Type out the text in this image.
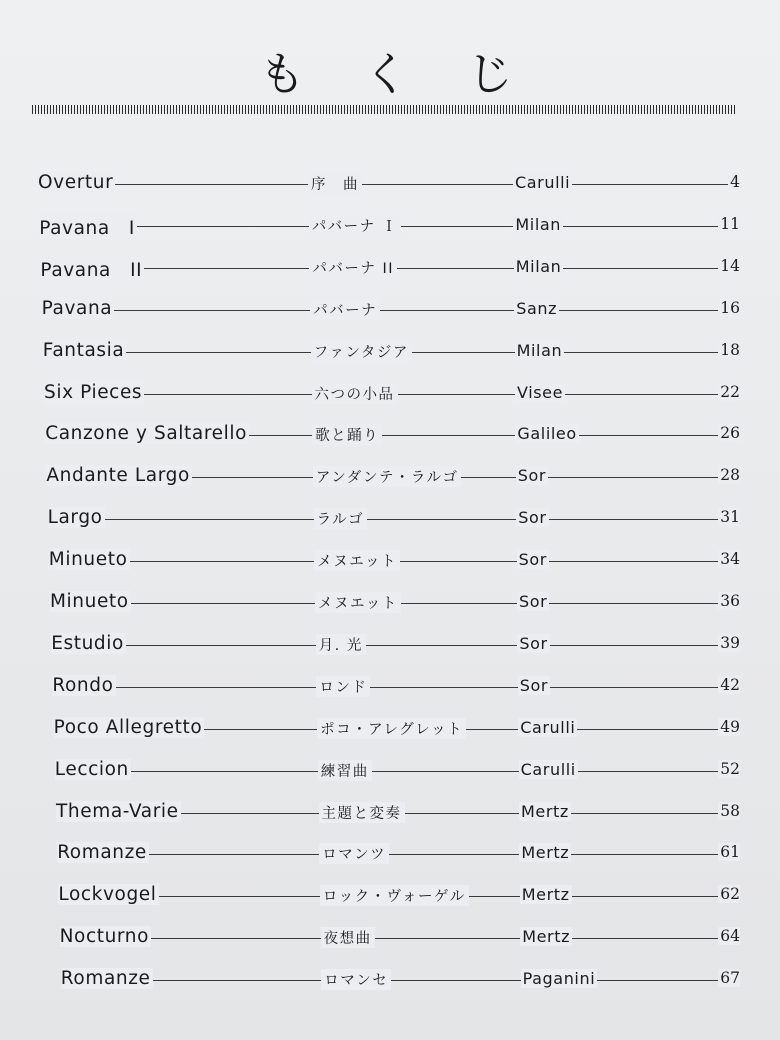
もくじ
Overtur	序　曲	Carulli	4
Pavana　I	パバーナ Ｉ	Milan	11
Pavana　II	パバーナ II	Milan	14
Pavana	パバーナ	Sanz	16
Fantasia	ファンタジア	Milan	18
Six Pieces	六つの小品	Visee	22
Canzone y Saltarello	歌と踊り	Galileo	26
Andante Largo	アンダンテ・ラルゴ	Sor	28
Largo	ラルゴ	Sor	31
Minueto	メヌエット	Sor	34
Minueto	メヌエット	Sor	36
Estudio	月. 光	Sor	39
Rondo	ロンド	Sor	42
Poco Allegretto	ポコ・アレグレット	Carulli	49
Leccion	練習曲	Carulli	52
Thema-Varie	主題と変奏	Mertz	58
Romanze	ロマンツ	Mertz	61
Lockvogel	ロック・ヴォーゲル	Mertz	62
Nocturno	夜想曲	Mertz	64
Romanze	ロマンセ	Paganini	67
